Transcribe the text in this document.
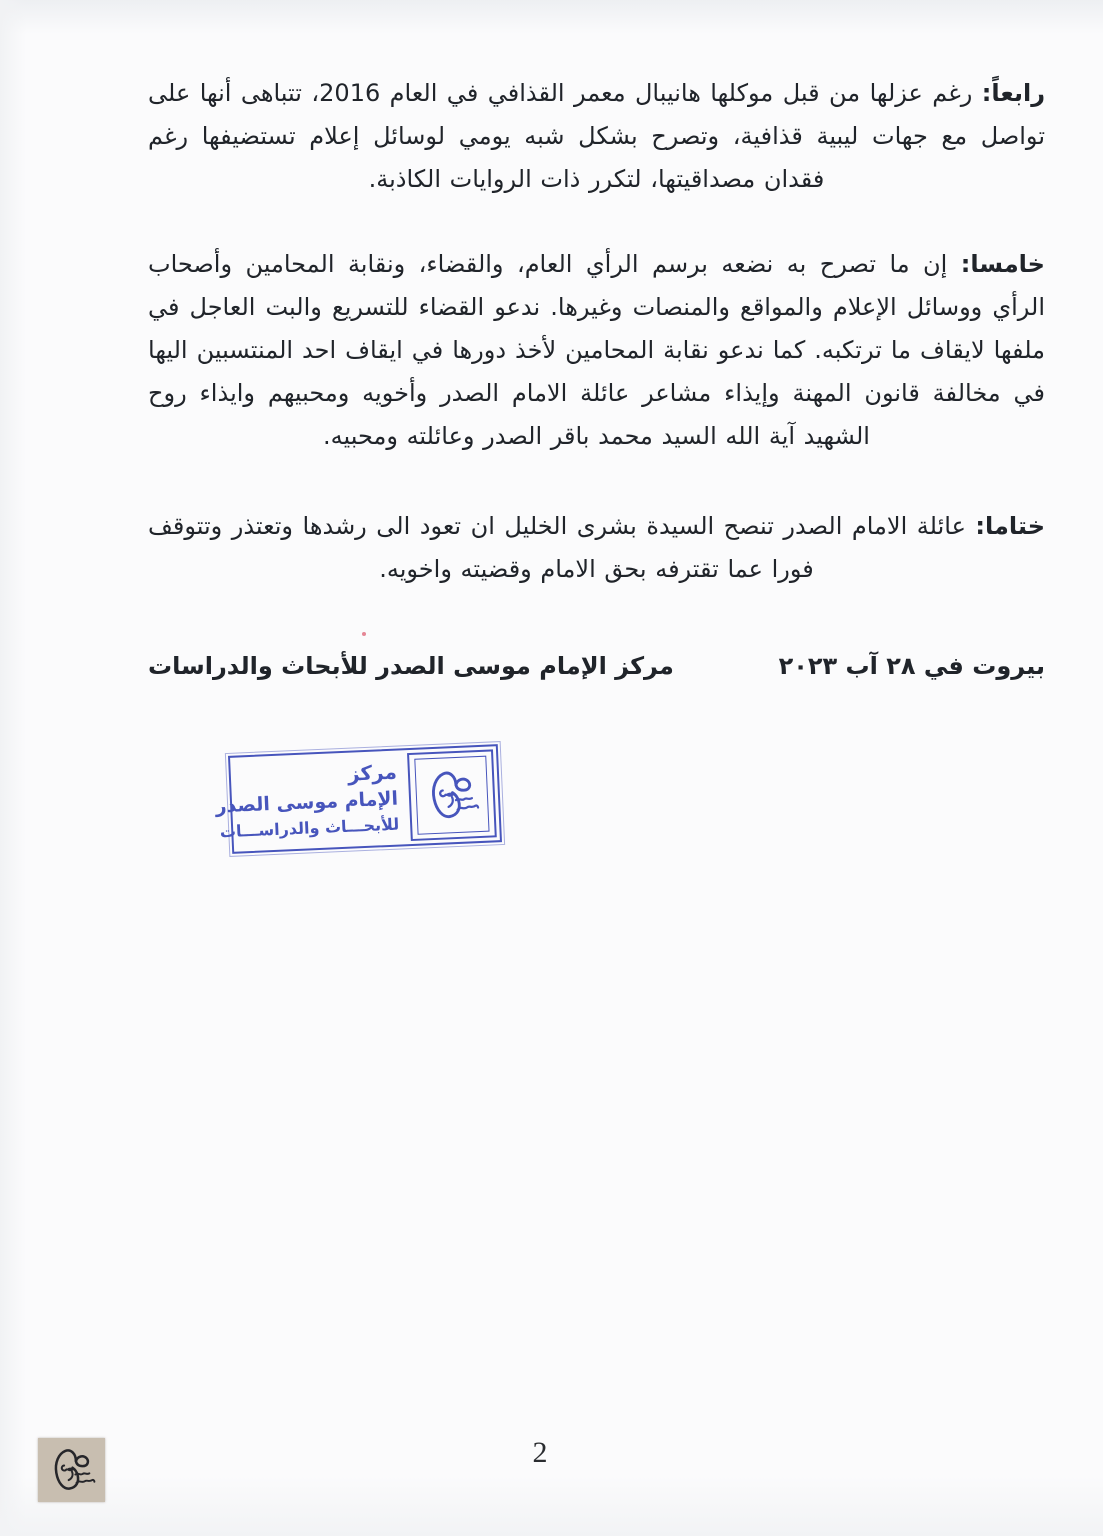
رابعاً: رغم عزلها من قبل موكلها هانيبال معمر القذافي في العام 2016، تتباهى أنها على تواصل مع جهات ليبية قذافية، وتصرح بشكل شبه يومي لوسائل إعلام تستضيفها رغم فقدان مصداقيتها، لتكرر ذات الروايات الكاذبة.

خامسا: إن ما تصرح به نضعه برسم الرأي العام، والقضاء، ونقابة المحامين وأصحاب الرأي ووسائل الإعلام والمواقع والمنصات وغيرها. ندعو القضاء للتسريع والبت العاجل في ملفها لايقاف ما ترتكبه. كما ندعو نقابة المحامين لأخذ دورها في ايقاف احد المنتسبين اليها في مخالفة قانون المهنة وإيذاء مشاعر عائلة الامام الصدر وأخويه ومحبيهم وايذاء روح الشهيد آية الله السيد محمد باقر الصدر وعائلته ومحبيه.

ختاما: عائلة الامام الصدر تنصح السيدة بشرى الخليل ان تعود الى رشدها وتعتذر وتتوقف فورا عما تقترفه بحق الامام وقضيته واخويه.

بيروت في ٢٨ آب ٢٠٢٣
مركز الإمام موسى الصدر للأبحاث والدراسات
مركز
الإمام موسى الصدر
للأبحـــاث والدراســـات
2
